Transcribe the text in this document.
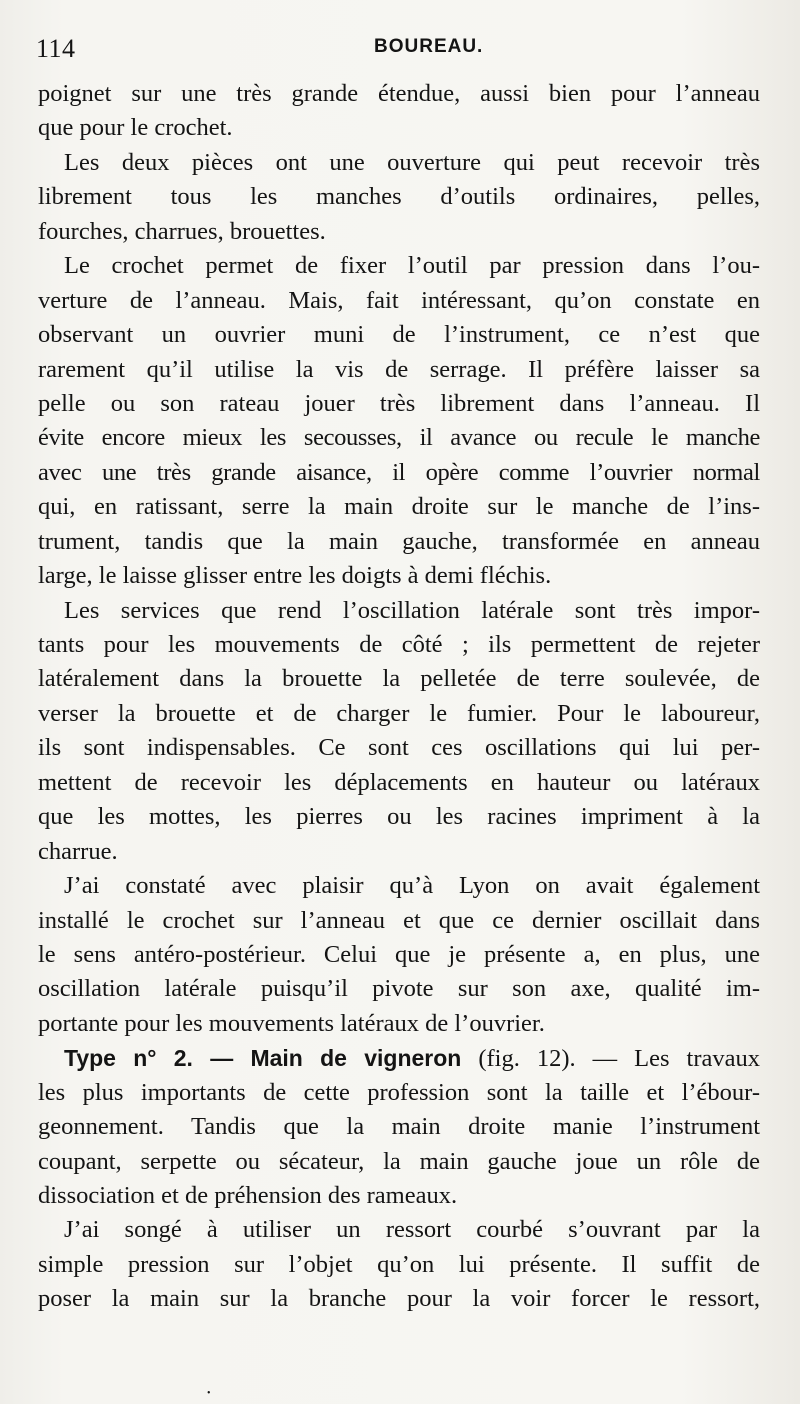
114	BOUREAU.
poignet sur une très grande étendue, aussi bien pour l’anneau
que pour le crochet.
Les deux pièces ont une ouverture qui peut recevoir très
librement tous les manches d’outils ordinaires, pelles,
fourches, charrues, brouettes.
Le crochet permet de fixer l’outil par pression dans l’ou-
verture de l’anneau. Mais, fait intéressant, qu’on constate en
observant un ouvrier muni de l’instrument, ce n’est que
rarement qu’il utilise la vis de serrage. Il préfère laisser sa
pelle ou son rateau jouer très librement dans l’anneau. Il
évite encore mieux les secousses, il avance ou recule le manche
avec une très grande aisance, il opère comme l’ouvrier normal
qui, en ratissant, serre la main droite sur le manche de l’ins-
trument, tandis que la main gauche, transformée en anneau
large, le laisse glisser entre les doigts à demi fléchis.
Les services que rend l’oscillation latérale sont très impor-
tants pour les mouvements de côté ; ils permettent de rejeter
latéralement dans la brouette la pelletée de terre soulevée, de
verser la brouette et de charger le fumier. Pour le laboureur,
ils sont indispensables. Ce sont ces oscillations qui lui per-
mettent de recevoir les déplacements en hauteur ou latéraux
que les mottes, les pierres ou les racines impriment à la
charrue.
J’ai constaté avec plaisir qu’à Lyon on avait également
installé le crochet sur l’anneau et que ce dernier oscillait dans
le sens antéro-postérieur. Celui que je présente a, en plus, une
oscillation latérale puisqu’il pivote sur son axe, qualité im-
portante pour les mouvements latéraux de l’ouvrier.
Type n° 2. — Main de vigneron (fig. 12). — Les travaux
les plus importants de cette profession sont la taille et l’ébour-
geonnement. Tandis que la main droite manie l’instrument
coupant, serpette ou sécateur, la main gauche joue un rôle de
dissociation et de préhension des rameaux.
J’ai songé à utiliser un ressort courbé s’ouvrant par la
simple pression sur l’objet qu’on lui présente. Il suffit de
poser la main sur la branche pour la voir forcer le ressort,
•
